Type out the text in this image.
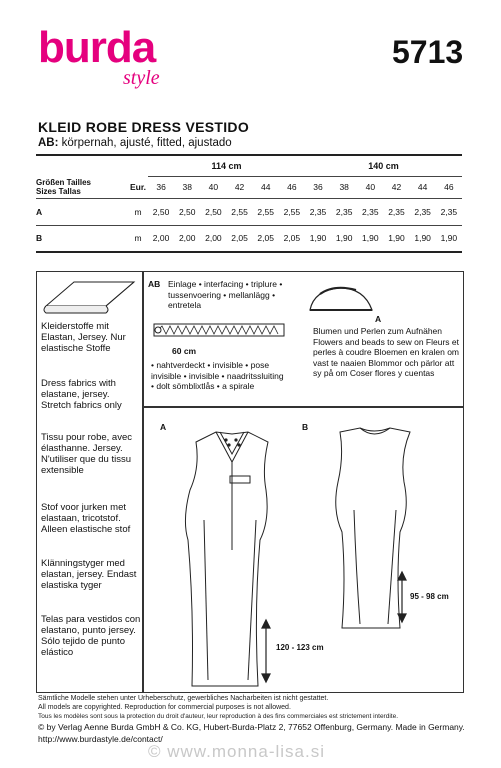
burda
style
5713
KLEID ROBE DRESS VESTIDO
AB: körpernah, ajusté, fitted, ajustado
		114 cm						140 cm					

Größen Tailles
Sizes Tallas	Eur.	36	38	40	42	44	46	36	38	40	42	44	46
A	m	2,50	2,50	2,50	2,55	2,55	2,55	2,35	2,35	2,35	2,35	2,35	2,35
B	m	2,00	2,00	2,00	2,05	2,05	2,05	1,90	1,90	1,90	1,90	1,90	1,90
Kleiderstoffe mit Elastan, Jersey. Nur elastische Stoffe
Dress fabrics with elastane, jersey. Stretch fabrics only
Tissu pour robe, avec élasthanne. Jersey. N'utiliser que du tissu extensible
Stof voor jurken met elastaan, tricotstof. Alleen elastische stof
Klänningstyger med elastan, jersey. Endast elastiska tyger
Telas para vestidos con elastano, punto jersey. Sólo tejido de punto elástico
AB Einlage • interfacing • triplure • tussenvoering • mellanlägg • entretela
60 cm
• nahtverdeckt • invisible • pose invisible • invisible • naadritssluiting • dolt sömblixtlås • a spirale
A
Blumen und Perlen zum Aufnähen Flowers and beads to sew on Fleurs et perles à coudre Bloemen en kralen om vast te naaien Blommor och pärlor att sy på om Coser flores y cuentas
A	B
120 - 123 cm
95 - 98 cm
Sämtliche Modelle stehen unter Urheberschutz, gewerbliches Nacharbeiten ist nicht gestattet.
All models are copyrighted. Reproduction for commercial purposes is not allowed.
Tous les modèles sont sous la protection du droit d'auteur, leur reproduction à des fins commerciales est strictement interdite.
© by Verlag Aenne Burda GmbH & Co. KG, Hubert-Burda-Platz 2, 77652 Offenburg, Germany. Made in Germany.
http://www.burdastyle.de/contact/
© www.monna-lisa.si
